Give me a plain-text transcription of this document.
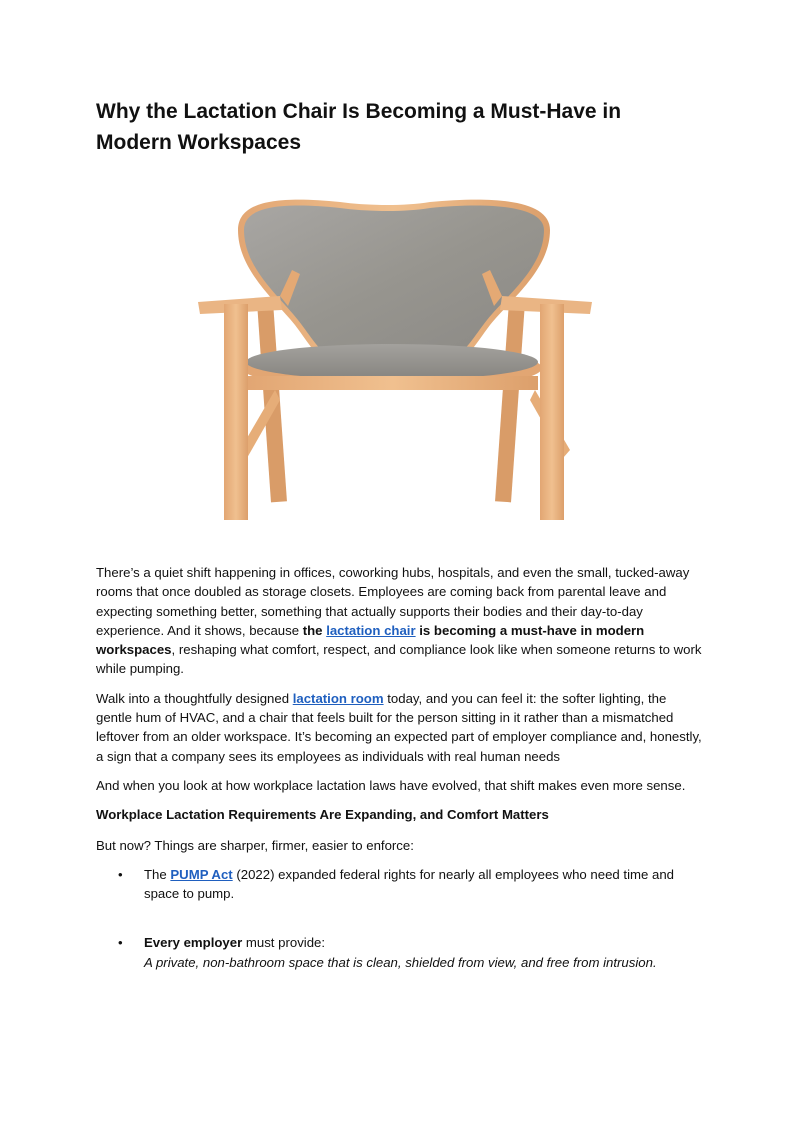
Why the Lactation Chair Is Becoming a Must-Have in Modern Workspaces

There’s a quiet shift happening in offices, coworking hubs, hospitals, and even the small, tucked-away rooms that once doubled as storage closets. Employees are coming back from parental leave and expecting something better, something that actually supports their bodies and their day-to-day experience. And it shows, because the lactation chair is becoming a must-have in modern workspaces, reshaping what comfort, respect, and compliance look like when someone returns to work while pumping.

Walk into a thoughtfully designed lactation room today, and you can feel it: the softer lighting, the gentle hum of HVAC, and a chair that feels built for the person sitting in it rather than a mismatched leftover from an older workspace. It’s becoming an expected part of employer compliance and, honestly, a sign that a company sees its employees as individuals with real human needs

And when you look at how workplace lactation laws have evolved, that shift makes even more sense.

Workplace Lactation Requirements Are Expanding, and Comfort Matters

But now? Things are sharper, firmer, easier to enforce:

• The PUMP Act (2022) expanded federal rights for nearly all employees who need time and space to pump.
• Every employer must provide:
A private, non-bathroom space that is clean, shielded from view, and free from intrusion.
